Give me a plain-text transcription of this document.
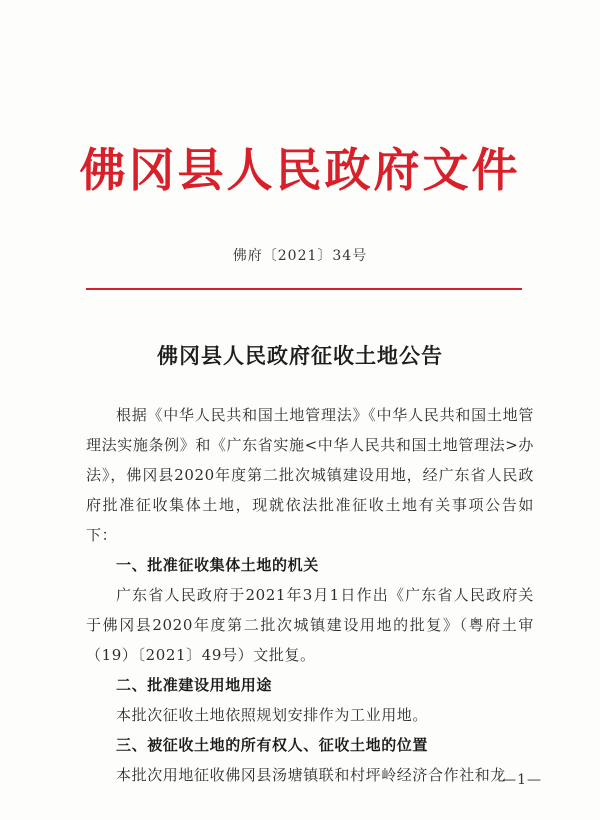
佛冈县人民政府文件
佛府〔2021〕34号
佛冈县人民政府征收土地公告

根据《中华人民共和国土地管理法》《中华人民共和国土地管理法实施条例》和《广东省实施<中华人民共和国土地管理法>办法》，佛冈县2020年度第二批次城镇建设用地，经广东省人民政府批准征收集体土地，现就依法批准征收土地有关事项公告如下：

一、批准征收集体土地的机关

广东省人民政府于2021年3月1日作出《广东省人民政府关于佛冈县2020年度第二批次城镇建设用地的批复》（粤府土审（19）〔2021〕49号）文批复。

二、批准建设用地用途

本批次征收土地依照规划安排作为工业用地。

三、被征收土地的所有权人、征收土地的位置

本批次用地征收佛冈县汤塘镇联和村坪岭经济合作社和龙

—1—
